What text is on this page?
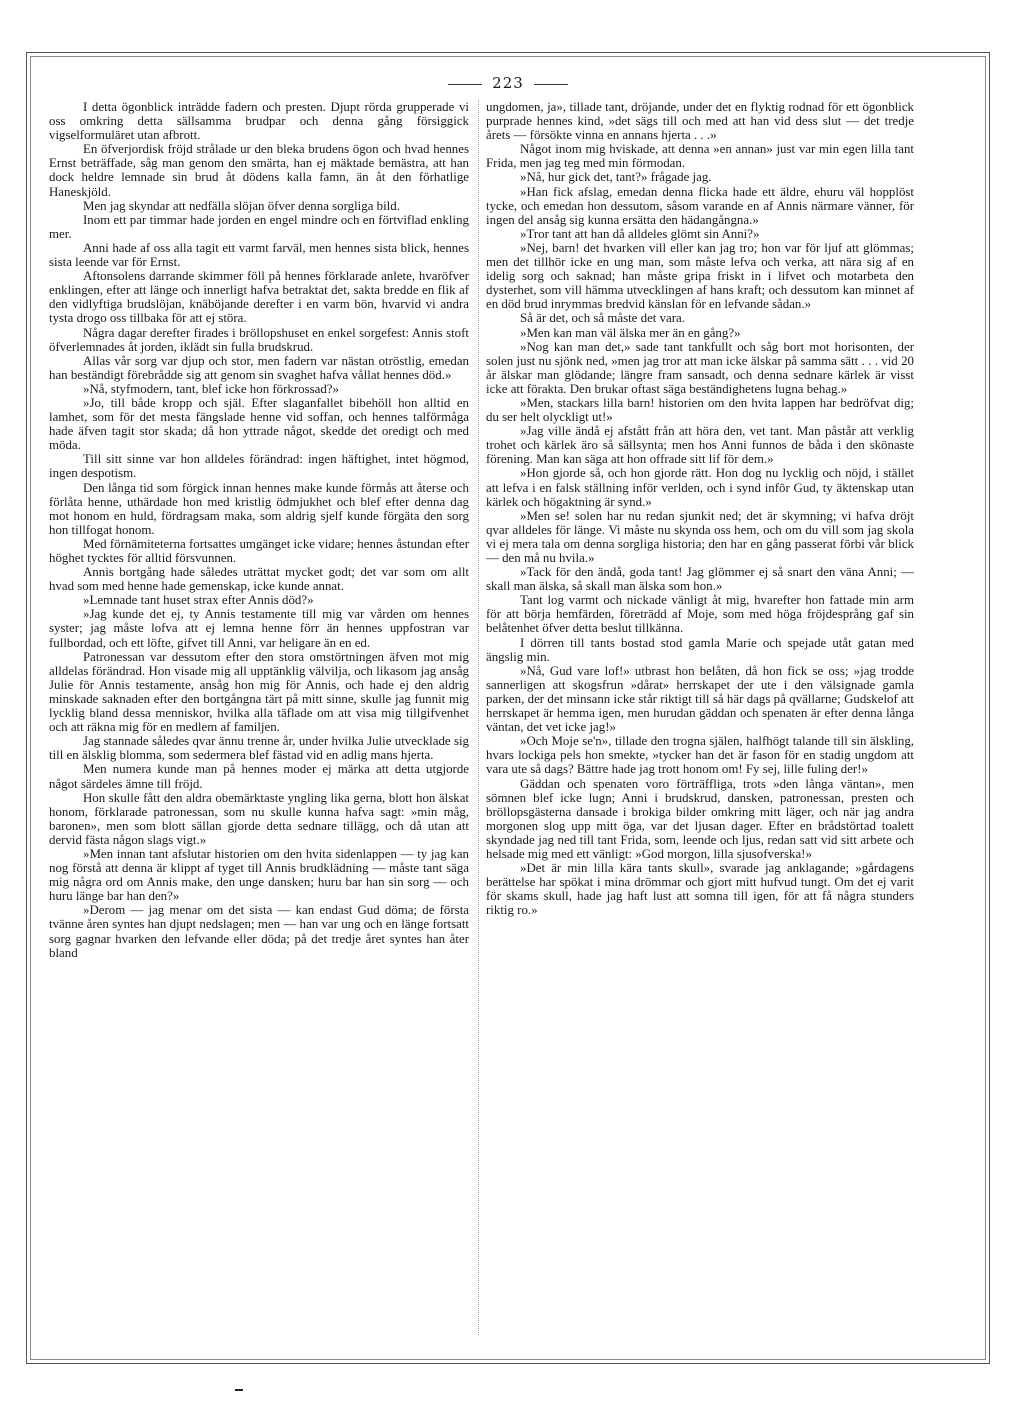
223

I detta ögonblick inträdde fadern och presten. Djupt rörda grupperade vi oss omkring detta sällsamma brudpar och denna gång försiggick vigselformuläret utan afbrott.

En öfverjordisk fröjd strålade ur den bleka brudens ögon och hvad hennes Ernst beträffade, såg man genom den smärta, han ej mäktade bemästra, att han dock heldre lemnade sin brud åt dödens kalla famn, än åt den förhatlige Haneskjöld.

Men jag skyndar att nedfälla slöjan öfver denna sorgliga bild.

Inom ett par timmar hade jorden en engel mindre och en förtviflad enkling mer.

Anni hade af oss alla tagit ett varmt farväl, men hennes sista blick, hennes sista leende var för Ernst.

Aftonsolens darrande skimmer föll på hennes förklarade anlete, hvaröfver enklingen, efter att länge och innerligt hafva betraktat det, sakta bredde en flik af den vidlyftiga brudslöjan, knäböjande derefter i en varm bön, hvarvid vi andra tysta drogo oss tillbaka för att ej störa.

Några dagar derefter firades i bröllopshuset en enkel sorgefest: Annis stoft öfverlemnades åt jorden, iklädt sin fulla brudskrud.

Allas vår sorg var djup och stor, men fadern var nästan otröstlig, emedan han beständigt förebrådde sig att genom sin svaghet hafva vållat hennes död.»

»Nå, styfmodern, tant, blef icke hon förkrossad?»

»Jo, till både kropp och själ. Efter slaganfallet bibehöll hon alltid en lamhet, som för det mesta fängslade henne vid soffan, och hennes talförmåga hade äfven tagit stor skada; då hon yttrade något, skedde det oredigt och med möda.

Till sitt sinne var hon alldeles förändrad: ingen häftighet, intet högmod, ingen despotism.

Den långa tid som förgick innan hennes make kunde förmås att återse och förlåta henne, uthärdade hon med kristlig ödmjukhet och blef efter denna dag mot honom en huld, fördragsam maka, som aldrig sjelf kunde förgäta den sorg hon tillfogat honom.

Med förnämiteterna fortsattes umgänget icke vidare; hennes åstundan efter höghet tycktes för alltid försvunnen.

Annis bortgång hade således uträttat mycket godt; det var som om allt hvad som med henne hade gemenskap, icke kunde annat.

»Lemnade tant huset strax efter Annis död?»

»Jag kunde det ej, ty Annis testamente till mig var vården om hennes syster; jag måste lofva att ej lemna henne förr än hennes uppfostran var fullbordad, och ett löfte, gifvet till Anni, var heligare än en ed.

Patronessan var dessutom efter den stora omstörtningen äfven mot mig alldelas förändrad. Hon visade mig all upptänklig välvilja, och likasom jag ansåg Julie för Annis testamente, ansåg hon mig för Annis, och hade ej den aldrig minskade saknaden efter den bortgångna tärt på mitt sinne, skulle jag funnit mig lycklig bland dessa menniskor, hvilka alla täflade om att visa mig tillgifvenhet och att räkna mig för en medlem af familjen.

Jag stannade således qvar ännu trenne år, under hvilka Julie utvecklade sig till en älsklig blomma, som sedermera blef fästad vid en adlig mans hjerta.

Men numera kunde man på hennes moder ej märka att detta utgjorde något särdeles ämne till fröjd.

Hon skulle fått den aldra obemärktaste yngling lika gerna, blott hon älskat honom, förklarade patronessan, som nu skulle kunna hafva sagt: »min måg, baronen», men som blott sällan gjorde detta sednare tillägg, och då utan att dervid fästa någon slags vigt.»

»Men innan tant afslutar historien om den hvita sidenlappen — ty jag kan nog förstå att denna är klippt af tyget till Annis brudklädning — måste tant säga mig några ord om Annis make, den unge dansken; huru bar han sin sorg — och huru länge bar han den?»

»Derom — jag menar om det sista — kan endast Gud döma; de första tvänne åren syntes han djupt nedslagen; men — han var ung och en länge fortsatt sorg gagnar hvarken den lefvande eller döda; på det tredje året syntes han åter bland

ungdomen, ja», tillade tant, dröjande, under det en flyktig rodnad för ett ögonblick purprade hennes kind, »det sägs till och med att han vid dess slut — det tredje årets — försökte vinna en annans hjerta . . .»

Något inom mig hviskade, att denna »en annan» just var min egen lilla tant Frida, men jag teg med min förmodan.

»Nå, hur gick det, tant?» frågade jag.

»Han fick afslag, emedan denna flicka hade ett äldre, ehuru väl hopplöst tycke, och emedan hon dessutom, såsom varande en af Annis närmare vänner, för ingen del ansåg sig kunna ersätta den hädangångna.»

»Tror tant att han då alldeles glömt sin Anni?»

»Nej, barn! det hvarken vill eller kan jag tro; hon var för ljuf att glömmas; men det tillhör icke en ung man, som måste lefva och verka, att nära sig af en idelig sorg och saknad; han måste gripa friskt in i lifvet och motarbeta den dysterhet, som vill hämma utvecklingen af hans kraft; och dessutom kan minnet af en död brud inrymmas bredvid känslan för en lefvande sådan.»

Så är det, och så måste det vara.

»Men kan man väl älska mer än en gång?»

»Nog kan man det,» sade tant tankfullt och såg bort mot horisonten, der solen just nu sjönk ned, »men jag tror att man icke älskar på samma sätt . . . vid 20 år älskar man glödande; längre fram sansadt, och denna sednare kärlek är visst icke att förakta. Den brukar oftast säga beständighetens lugna behag.»

»Men, stackars lilla barn! historien om den hvita lappen har bedröfvat dig; du ser helt olyckligt ut!»

»Jag ville ändå ej afstått från att höra den, vet tant. Man påstår att verklig trohet och kärlek äro så sällsynta; men hos Anni funnos de båda i den skönaste förening. Man kan säga att hon offrade sitt lif för dem.»

»Hon gjorde så, och hon gjorde rätt. Hon dog nu lycklig och nöjd, i stället att lefva i en falsk ställning inför verlden, och i synd inför Gud, ty äktenskap utan kärlek och högaktning är synd.»

»Men se! solen har nu redan sjunkit ned; det är skymning; vi hafva dröjt qvar alldeles för länge. Vi måste nu skynda oss hem, och om du vill som jag skola vi ej mera tala om denna sorgliga historia; den har en gång passerat förbi vår blick — den må nu hvila.»

»Tack för den ändå, goda tant! Jag glömmer ej så snart den väna Anni; — skall man älska, så skall man älska som hon.»

Tant log varmt och nickade vänligt åt mig, hvarefter hon fattade min arm för att börja hemfärden, företrädd af Moje, som med höga fröjdesprång gaf sin belåtenhet öfver detta beslut tillkänna.

I dörren till tants bostad stod gamla Marie och spejade utåt gatan med ängslig min.

»Nå, Gud vare lof!» utbrast hon belåten, då hon fick se oss; »jag trodde sannerligen att skogsfrun »dårat» herrskapet der ute i den välsignade gamla parken, der det minsann icke står riktigt till så här dags på qvällarne; Gudskelof att herrskapet är hemma igen, men hurudan gäddan och spenaten är efter denna långa väntan, det vet icke jag!»

»Och Moje se'n», tillade den trogna själen, halfhögt talande till sin älskling, hvars lockiga pels hon smekte, »tycker han det är fason för en stadig ungdom att vara ute så dags? Bättre hade jag trott honom om! Fy sej, lille fuling der!»

Gäddan och spenaten voro förträffliga, trots »den långa väntan», men sömnen blef icke lugn; Anni i brudskrud, dansken, patronessan, presten och bröllopsgästerna dansade i brokiga bilder omkring mitt läger, och när jag andra morgonen slog upp mitt öga, var det ljusan dager. Efter en brådstörtad toalett skyndade jag ned till tant Frida, som, leende och ljus, redan satt vid sitt arbete och helsade mig med ett vänligt: »God morgon, lilla sjusofverska!»

»Det är min lilla kära tants skull», svarade jag anklagande; »gårdagens berättelse har spökat i mina drömmar och gjort mitt hufvud tungt. Om det ej varit för skams skull, hade jag haft lust att somna till igen, för att få några stunders riktig ro.»
